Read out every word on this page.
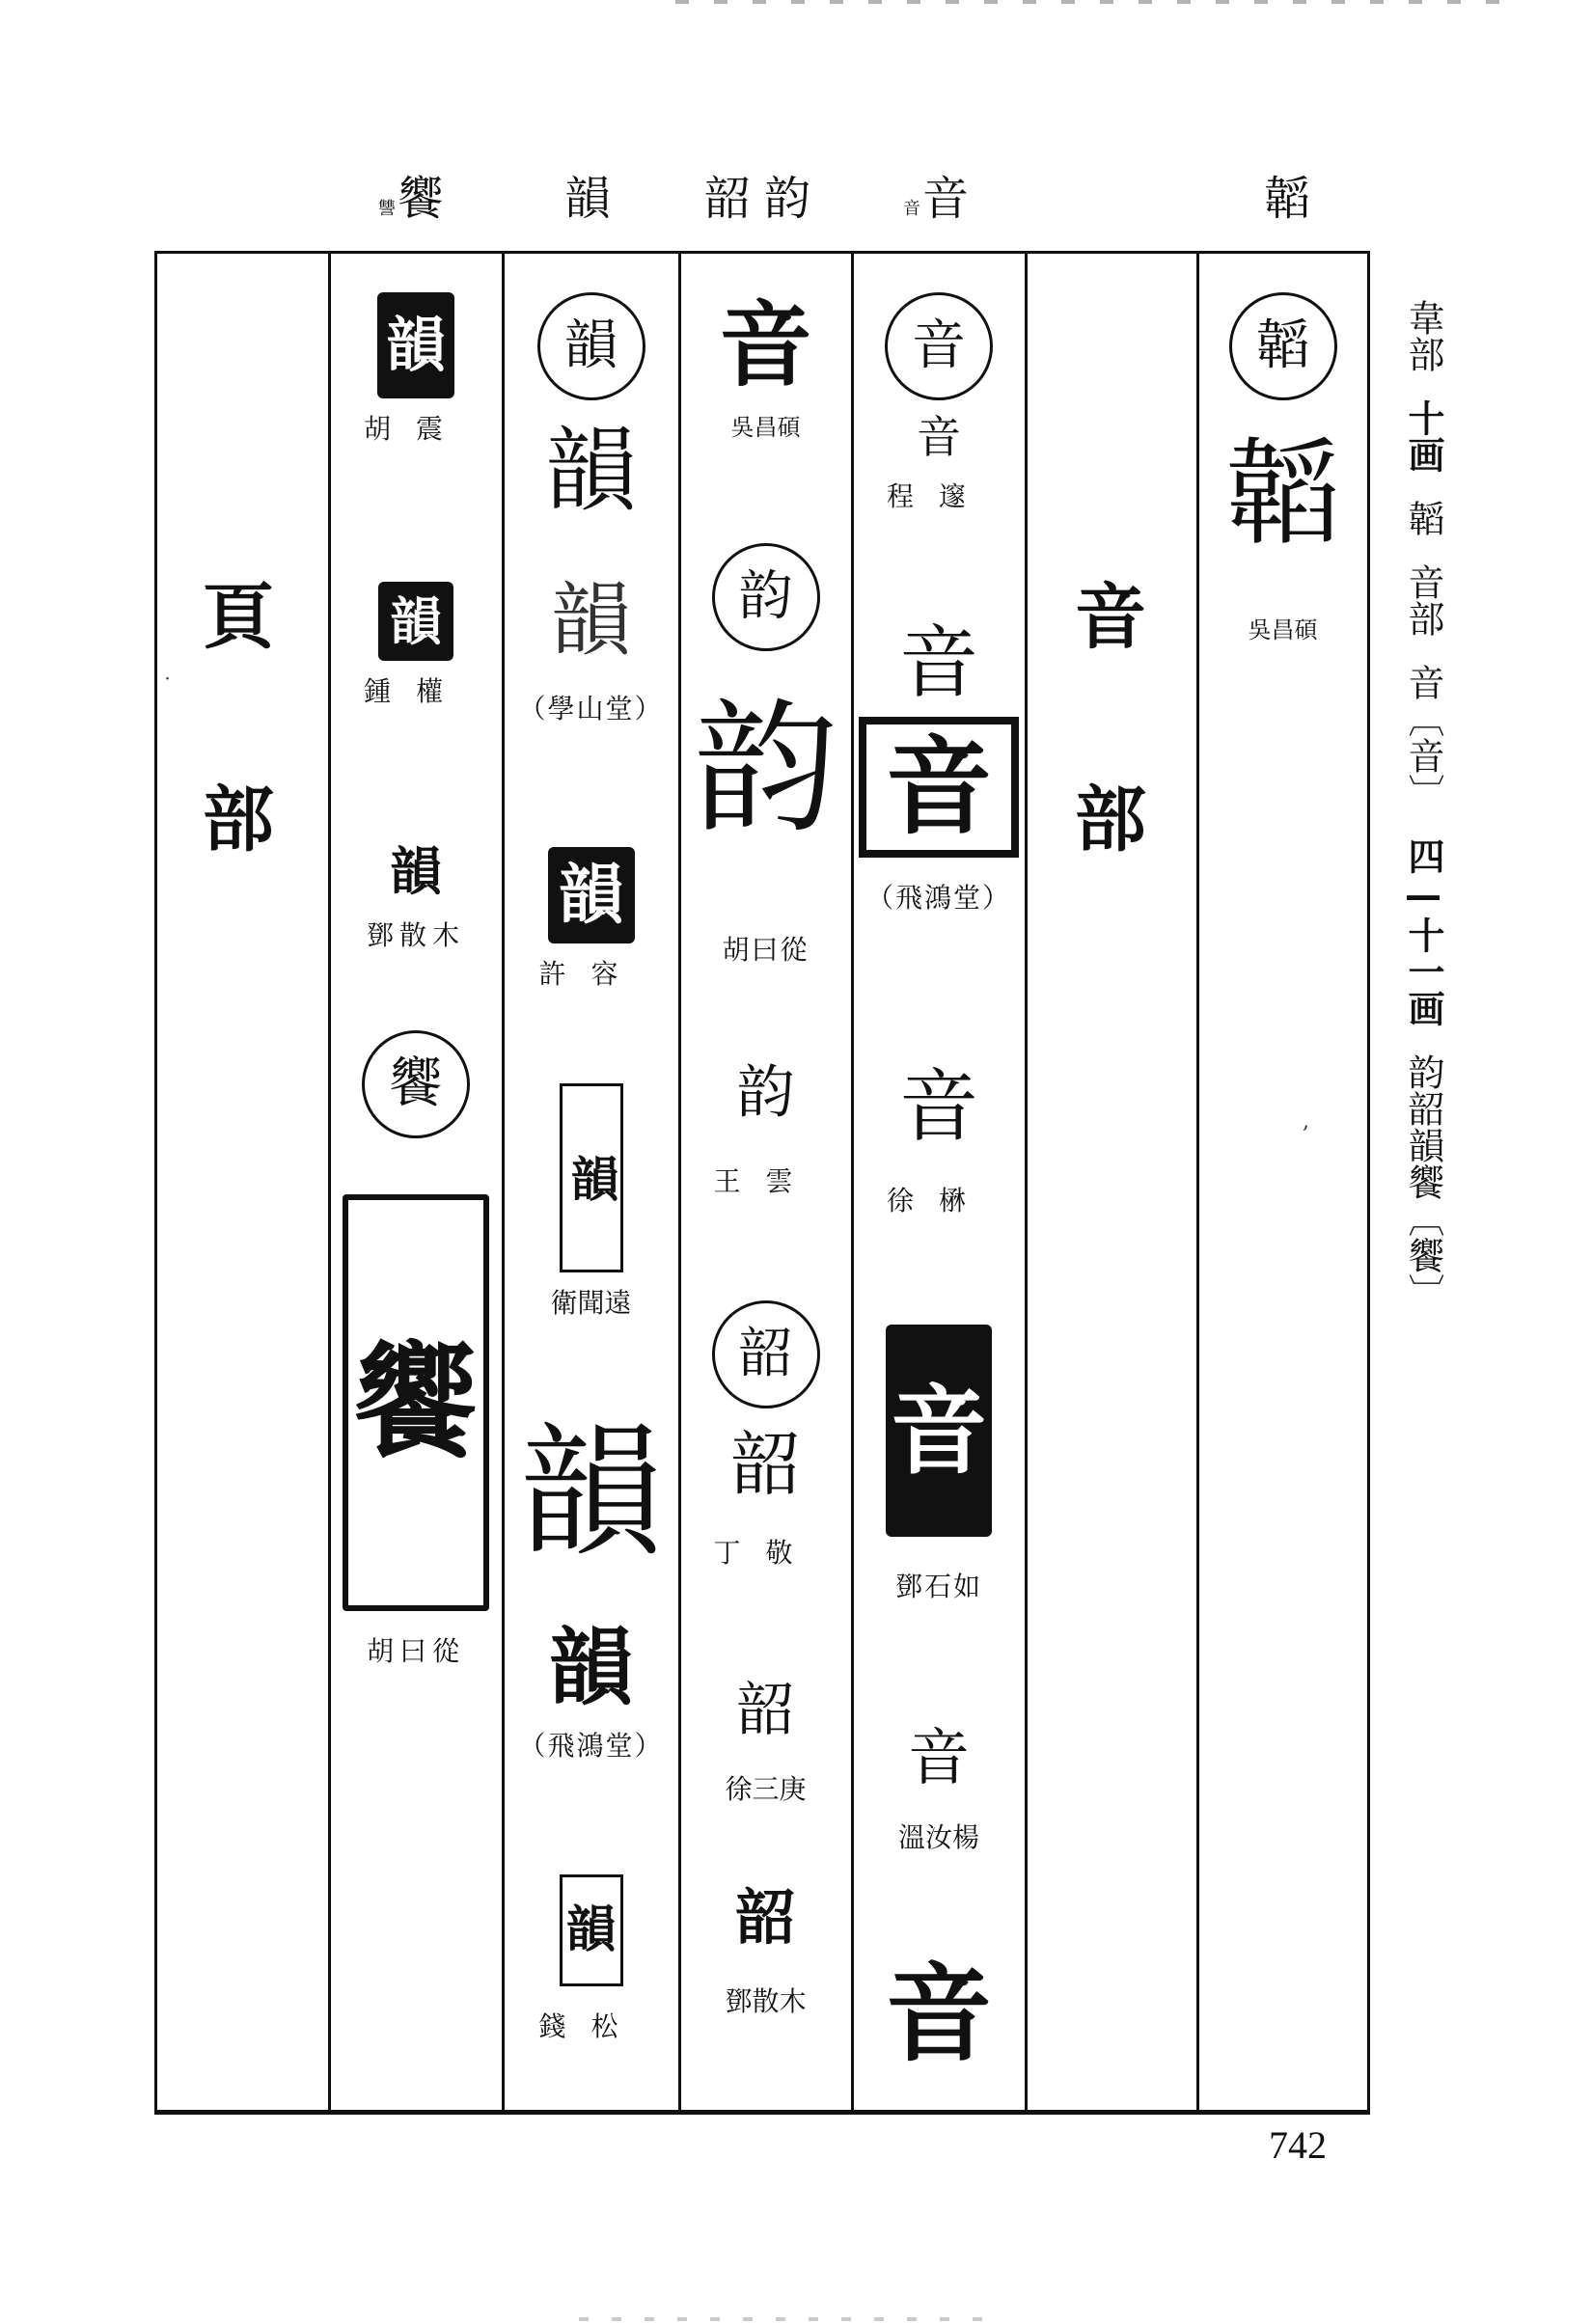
讐饗 韻 韶韵	音音	韜
頁
部
韻
胡震
韻
鍾權
韻
鄧散木
饗
饗
胡曰從
韻
韻
韻
（學山堂）
韻
許容
韻
衛聞遠
韻
韻
（飛鴻堂）
韻
錢松
音
吳昌碩
韵
韵
胡曰從
韵
王雲
韶
韶
丁敬
韶
徐三庚
韶
鄧散木
音
音
程邃
音
音
（飛鴻堂）
音
徐楙
音
鄧石如
音
溫汝楊
音
音
部
韜
韜
吳昌碩
˙
,
韋部
十画
韜
音部
音〔音〕
四—十一画
韵韶韻饗〔饗〕
742
